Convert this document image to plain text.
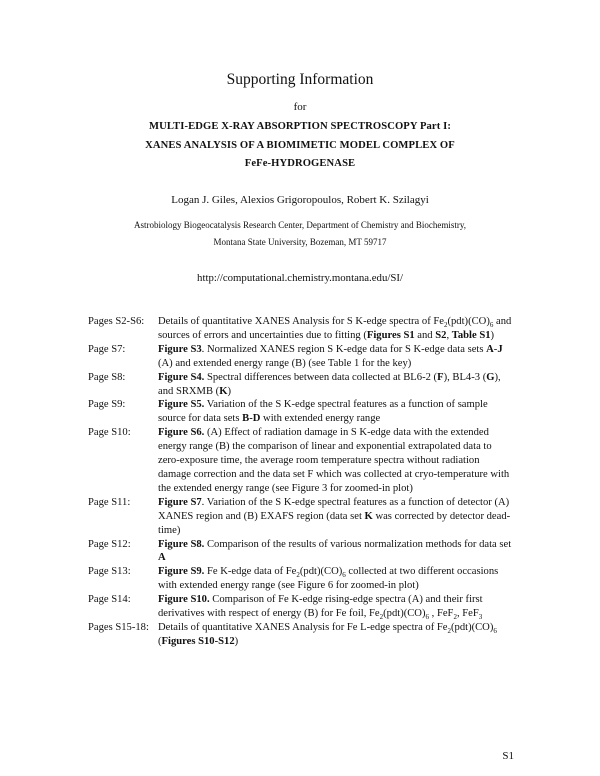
Supporting Information
for
MULTI-EDGE X-RAY ABSORPTION SPECTROSCOPY Part I:
XANES ANALYSIS OF A BIOMIMETIC MODEL COMPLEX OF
FeFe-HYDROGENASE
Logan J. Giles, Alexios Grigoropoulos, Robert K. Szilagyi
Astrobiology Biogeocatalysis Research Center, Department of Chemistry and Biochemistry,
Montana State University, Bozeman, MT 59717
http://computational.chemistry.montana.edu/SI/
Pages S2-S6:	Details of quantitative XANES Analysis for S K-edge spectra of $Fe_2(pdt)(CO)_6$ and sources of errors and uncertainties due to fitting (Figures S1 and S2, Table S1)
Page S7:	Figure S3. Normalized XANES region S K-edge data for S K-edge data sets A-J (A) and extended energy range (B) (see Table 1 for the key)
Page S8:	Figure S4. Spectral differences between data collected at BL6-2 (F), BL4-3 (G), and SRXMB (K)
Page S9:	Figure S5. Variation of the S K-edge spectral features as a function of sample source for data sets B-D with extended energy range
Page S10:	Figure S6. (A) Effect of radiation damage in S K-edge data with the extended energy range (B) the comparison of linear and exponential extrapolated data to zero-exposure time, the average room temperature spectra without radiation damage correction and the data set F which was collected at cryo-temperature with the extended energy range (see Figure 3 for zoomed-in plot)
Page S11:	Figure S7. Variation of the S K-edge spectral features as a function of detector (A) XANES region and (B) EXAFS region (data set K was corrected by detector dead-time)
Page S12:	Figure S8. Comparison of the results of various normalization methods for data set A
Page S13:	Figure S9. Fe K-edge data of $Fe_2(pdt)(CO)_6$ collected at two different occasions with extended energy range (see Figure 6 for zoomed-in plot)
Page S14:	Figure S10. Comparison of Fe K-edge rising-edge spectra (A) and their first derivatives with respect of energy (B) for Fe foil, $Fe_2(pdt)(CO)_6$ , FeF$_2$, FeF$_3$
Pages S15-18: Details of quantitative XANES Analysis for Fe L-edge spectra of $Fe_2(pdt)(CO)_6$ (Figures S10-S12)
S1
